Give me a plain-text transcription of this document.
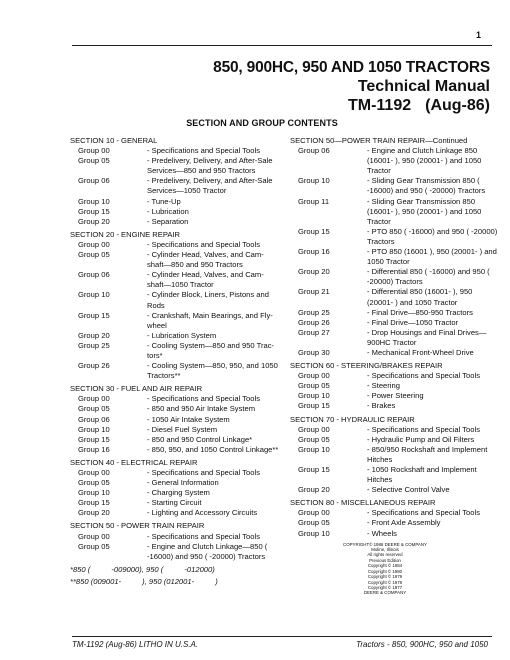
1
850, 900HC, 950 AND 1050 TRACTORS
Technical Manual
TM-1192 (Aug-86)
SECTION AND GROUP CONTENTS
SECTION 10 - GENERAL
Group 00	- Specifications and Special Tools
Group 05	- Predelivery, Delivery, and After-Sale Services—850 and 950 Tractors
Group 06	- Predelivery, Delivery, and After-Sale Services—1050 Tractor
Group 10	- Tune-Up
Group 15	- Lubrication
Group 20	- Separation
SECTION 20 - ENGINE REPAIR
Group 00	- Specifications and Special Tools
Group 05	- Cylinder Head, Valves, and Cam-shaft—850 and 950 Tractors
Group 06	- Cylinder Head, Valves, and Cam-shaft—1050 Tractor
Group 10	- Cylinder Block, Liners, Pistons and Rods
Group 15	- Crankshaft, Main Bearings, and Fly-wheel
Group 20	- Lubrication System
Group 25	- Cooling System—850 and 950 Trac-tors*
Group 26	- Cooling System—850, 950, and 1050 Tractors**
SECTION 30 - FUEL AND AIR REPAIR
Group 00	- Specifications and Special Tools
Group 05	- 850 and 950 Air Intake System
Group 06	- 1050 Air Intake System
Group 10	- Diesel Fuel System
Group 15	- 850 and 950 Control Linkage*
Group 16	- 850, 950, and 1050 Control Linkage**
SECTION 40 - ELECTRICAL REPAIR
Group 00	- Specifications and Special Tools
Group 05	- General Information
Group 10	- Charging System
Group 15	- Starting Circuit
Group 20	- Lighting and Accessory Circuits
SECTION 50 - POWER TRAIN REPAIR
Group 00	- Specifications and Special Tools
Group 05	- Engine and Clutch Linkage—850 ( -16000) and 950 ( -20000) Tractors
*850 (          -009000), 950 (          -012000)
**850 (009001-          ), 950 (012001-          )
SECTION 50—POWER TRAIN REPAIR—Continued
Group 06	- Engine and Clutch Linkage 850 (16001- ), 950 (20001- ) and 1050 Tractor
Group 10	- Sliding Gear Transmission 850 ( -16000) and 950 ( -20000) Tractors
Group 11	- Sliding Gear Transmission 850 (16001- ), 950 (20001- ) and 1050 Tractor
Group 15	- PTO 850 ( -16000) and 950 ( -20000) Tractors
Group 16	- PTO 850 (16001 ), 950 (20001- ) and 1050 Tractor
Group 20	- Differential 850 ( -16000) and 950 ( -20000) Tractors
Group 21	- Differential 850 (16001- ), 950 (20001- ) and 1050 Tractor
Group 25	- Final Drive—850-950 Tractors
Group 26	- Final Drive—1050 Tractor
Group 27	- Drop Housings and Final Drives—900HC Tractor
Group 30	- Mechanical Front-Wheel Drive
SECTION 60 - STEERING/BRAKES REPAIR
Group 00	- Specifications and Special Tools
Group 05	- Steering
Group 10	- Power Steering
Group 15	- Brakes
SECTION 70 - HYDRAULIC REPAIR
Group 00	- Specifications and Special Tools
Group 05	- Hydraulic Pump and Oil Filters
Group 10	- 850/950 Rockshaft and Implement Hitches
Group 15	- 1050 Rockshaft and Implement Hitches
Group 20	- Selective Control Valve
SECTION 80 - MISCELLANEOUS REPAIR
Group 00	- Specifications and Special Tools
Group 05	- Front Axle Assembly
Group 10	- Wheels
COPYRIGHT© 1986 DEERE & COMPANY
Moline, Illinois
All rights reserved
Previous Edition
Copyright © 1984
Copyright © 1980
Copyright © 1979
Copyright © 1978
Copyright © 1977
DEERE & COMPANY
TM-1192 (Aug-86) LITHO IN U.S.A.	Tractors - 850, 900HC, 950 and 1050
